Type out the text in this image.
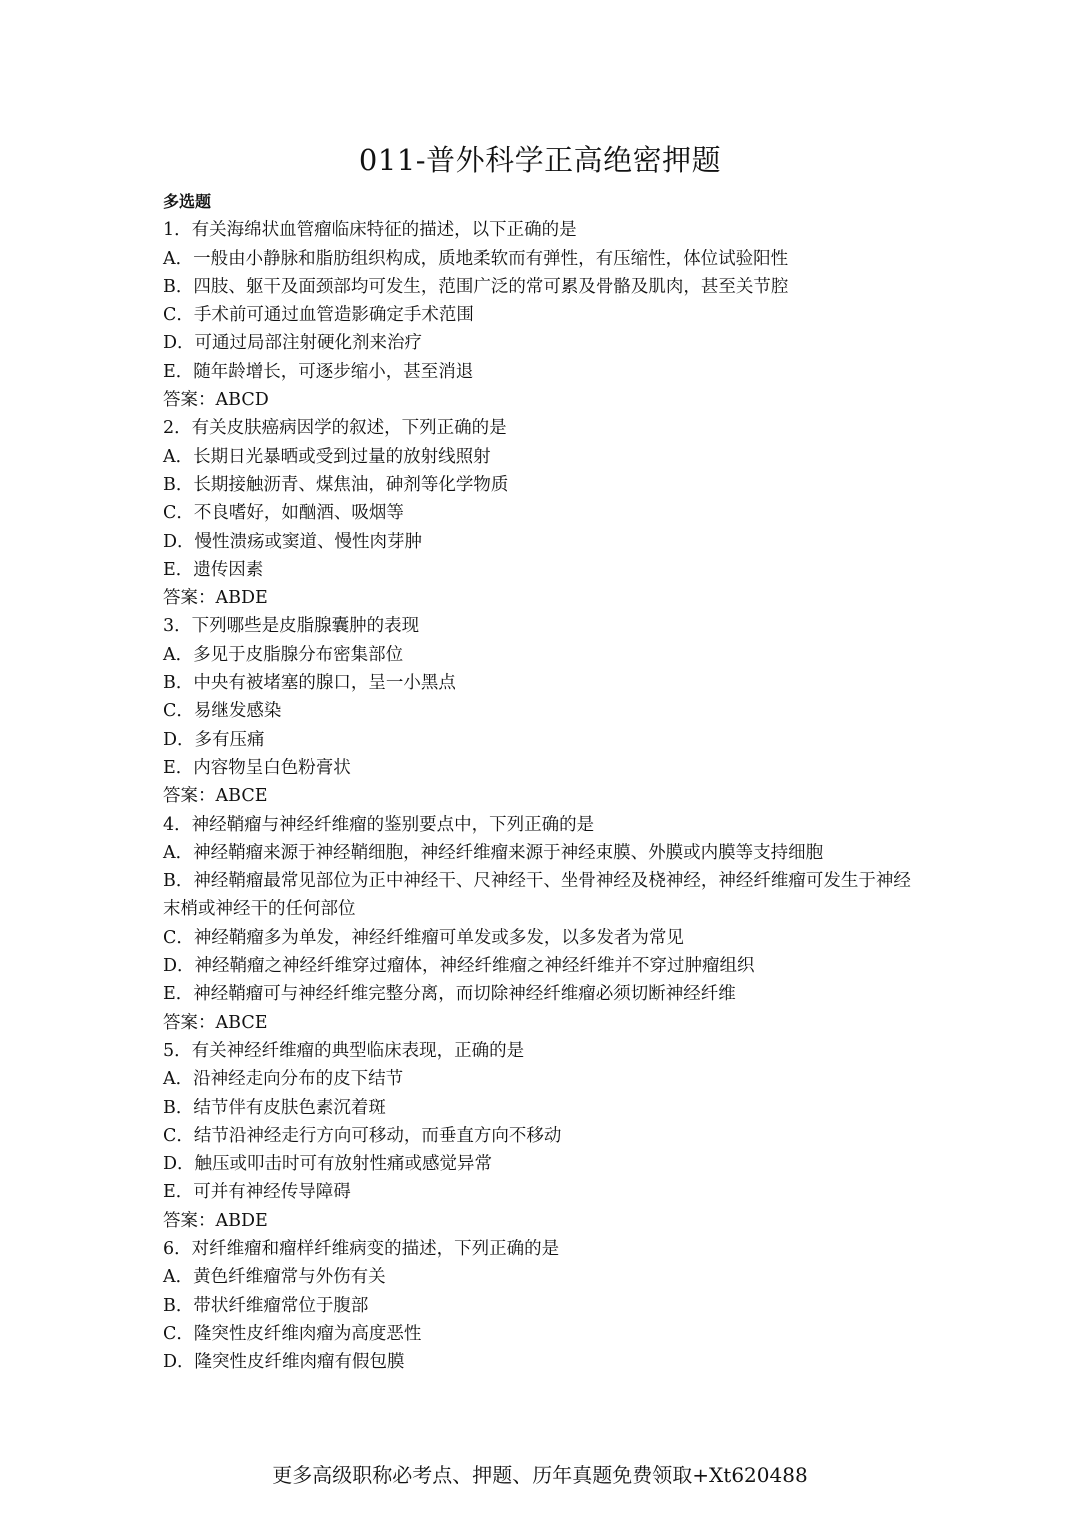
011-普外科学正高绝密押题
多选题
1．有关海绵状血管瘤临床特征的描述，以下正确的是
A．一般由小静脉和脂肪组织构成，质地柔软而有弹性，有压缩性，体位试验阳性
B．四肢、躯干及面颈部均可发生，范围广泛的常可累及骨骼及肌肉，甚至关节腔
C．手术前可通过血管造影确定手术范围
D．可通过局部注射硬化剂来治疗
E．随年龄增长，可逐步缩小，甚至消退
答案：ABCD
2．有关皮肤癌病因学的叙述，下列正确的是
A．长期日光暴晒或受到过量的放射线照射
B．长期接触沥青、煤焦油，砷剂等化学物质
C．不良嗜好，如酗酒、吸烟等
D．慢性溃疡或窦道、慢性肉芽肿
E．遗传因素
答案：ABDE
3．下列哪些是皮脂腺囊肿的表现
A．多见于皮脂腺分布密集部位
B．中央有被堵塞的腺口，呈一小黑点
C．易继发感染
D．多有压痛
E．内容物呈白色粉膏状
答案：ABCE
4．神经鞘瘤与神经纤维瘤的鉴别要点中，下列正确的是
A．神经鞘瘤来源于神经鞘细胞，神经纤维瘤来源于神经束膜、外膜或内膜等支持细胞
B．神经鞘瘤最常见部位为正中神经干、尺神经干、坐骨神经及桡神经，神经纤维瘤可发生于神经末梢或神经干的任何部位
C．神经鞘瘤多为单发，神经纤维瘤可单发或多发，以多发者为常见
D．神经鞘瘤之神经纤维穿过瘤体，神经纤维瘤之神经纤维并不穿过肿瘤组织
E．神经鞘瘤可与神经纤维完整分离，而切除神经纤维瘤必须切断神经纤维
答案：ABCE
5．有关神经纤维瘤的典型临床表现，正确的是
A．沿神经走向分布的皮下结节
B．结节伴有皮肤色素沉着斑
C．结节沿神经走行方向可移动，而垂直方向不移动
D．触压或叩击时可有放射性痛或感觉异常
E．可并有神经传导障碍
答案：ABDE
6．对纤维瘤和瘤样纤维病变的描述，下列正确的是
A．黄色纤维瘤常与外伤有关
B．带状纤维瘤常位于腹部
C．隆突性皮纤维肉瘤为高度恶性
D．隆突性皮纤维肉瘤有假包膜
更多高级职称必考点、押题、历年真题免费领取+Xt620488
